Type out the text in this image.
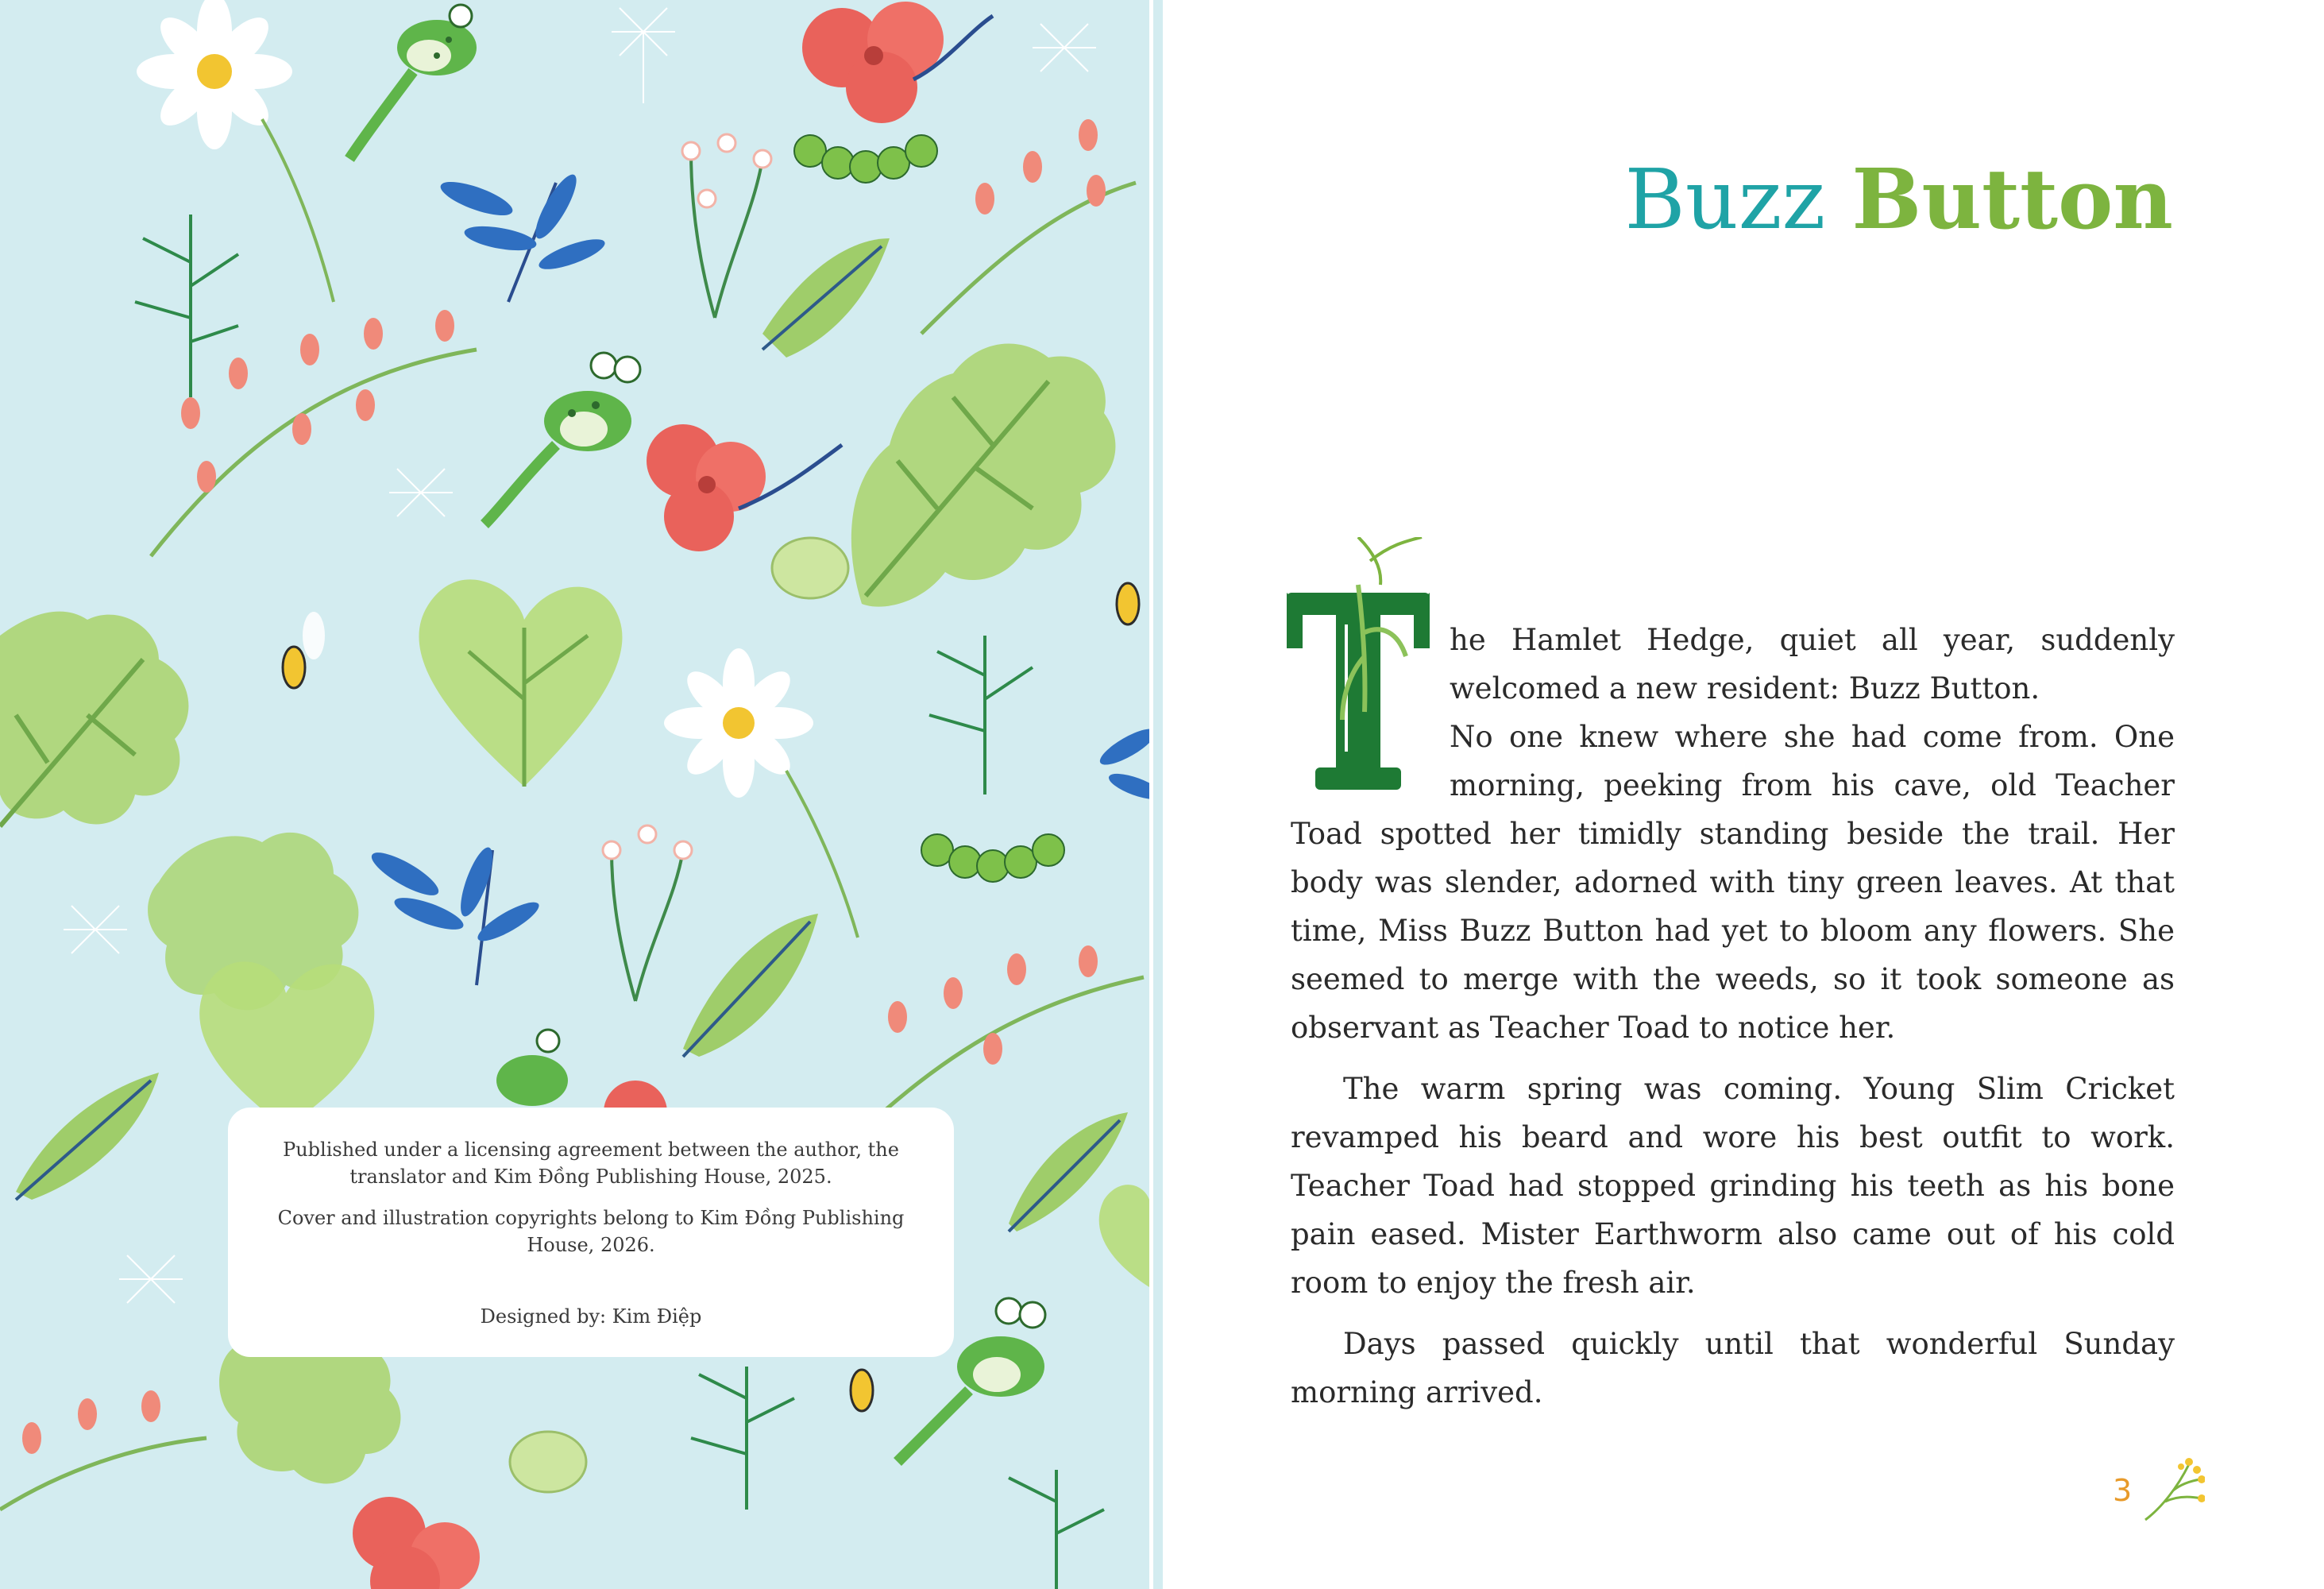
Published under a licensing agreement between the author, the translator and Kim Đồng Publishing House, 2025.

Cover and illustration copyrights belong to Kim Đồng Publishing House, 2026.

Designed by: Kim Điệp

Buzz Button

he Hamlet Hedge, quiet all year, suddenly welcomed a new resident: Buzz Button.

No one knew where she had come from. One morning, peeking from his cave, old Teacher Toad spotted her timidly standing beside the trail. Her body was slender, adorned with tiny green leaves. At that time, Miss Buzz Button had yet to bloom any flowers. She seemed to merge with the weeds, so it took someone as observant as Teacher Toad to notice her.

The warm spring was coming. Young Slim Cricket revamped his beard and wore his best outfit to work. Teacher Toad had stopped grinding his teeth as his bone pain eased. Mister Earthworm also came out of his cold room to enjoy the fresh air.

Days passed quickly until that wonderful Sunday morning arrived.

3
